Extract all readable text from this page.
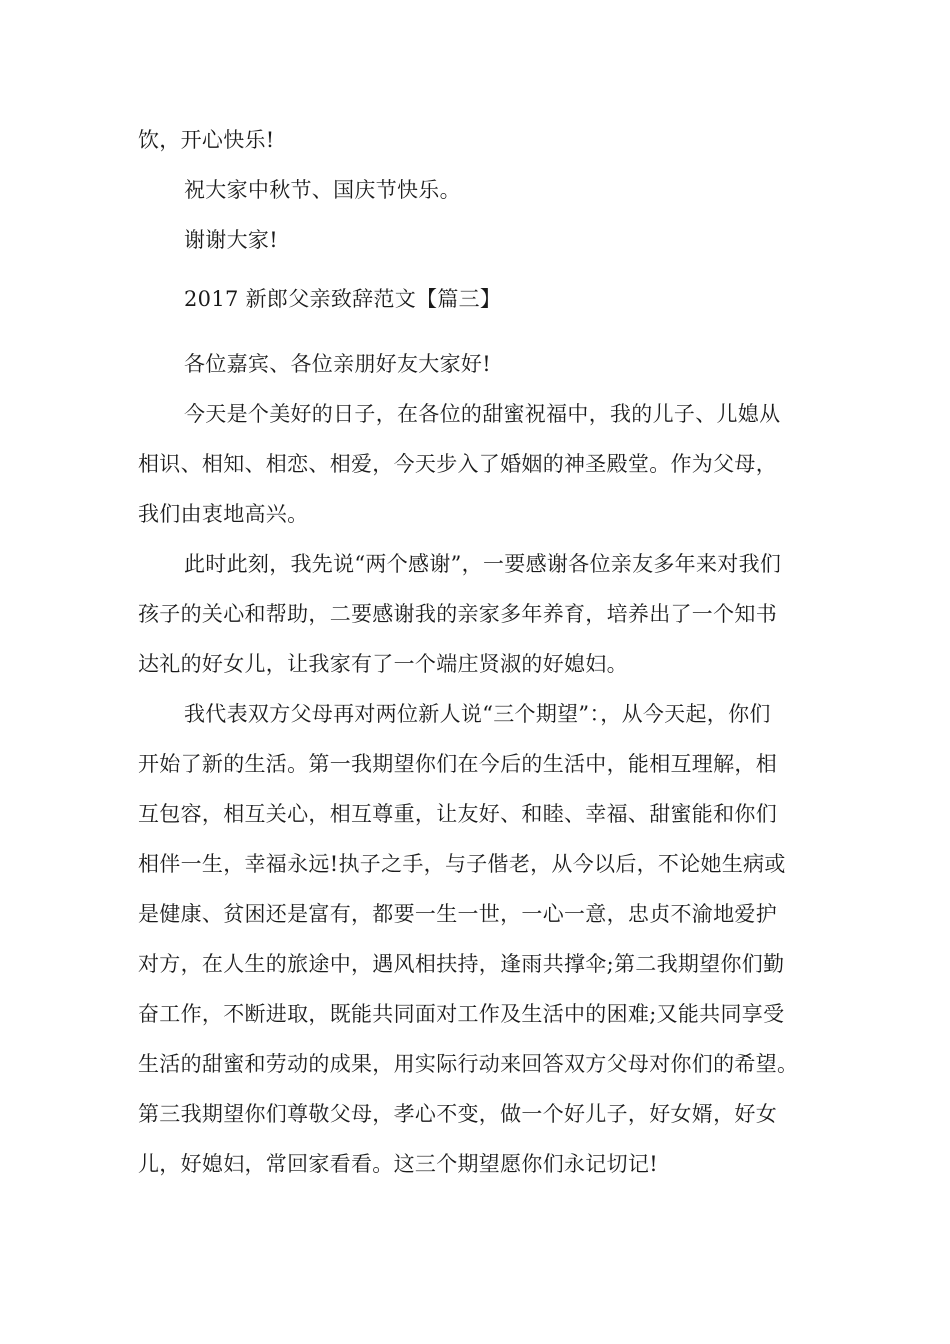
饮，开心快乐!
祝大家中秋节、国庆节快乐。
谢谢大家!
2017 新郎父亲致辞范文【篇三】
各位嘉宾、各位亲朋好友大家好!
今天是个美好的日子，在各位的甜蜜祝福中，我的儿子、儿媳从
相识、相知、相恋、相爱，今天步入了婚姻的神圣殿堂。作为父母，
我们由衷地高兴。
此时此刻，我先说“两个感谢”，一要感谢各位亲友多年来对我们
孩子的关心和帮助，二要感谢我的亲家多年养育，培养出了一个知书
达礼的好女儿，让我家有了一个端庄贤淑的好媳妇。
我代表双方父母再对两位新人说“三个期望”：，从今天起，你们
开始了新的生活。第一我期望你们在今后的生活中，能相互理解，相
互包容，相互关心，相互尊重，让友好、和睦、幸福、甜蜜能和你们
相伴一生，幸福永远!执子之手，与子偕老，从今以后，不论她生病或
是健康、贫困还是富有，都要一生一世，一心一意，忠贞不渝地爱护
对方，在人生的旅途中，遇风相扶持，逢雨共撑伞;第二我期望你们勤
奋工作，不断进取，既能共同面对工作及生活中的困难;又能共同享受
生活的甜蜜和劳动的成果，用实际行动来回答双方父母对你们的希望。
第三我期望你们尊敬父母，孝心不变，做一个好儿子，好女婿，好女
儿，好媳妇，常回家看看。这三个期望愿你们永记切记!
